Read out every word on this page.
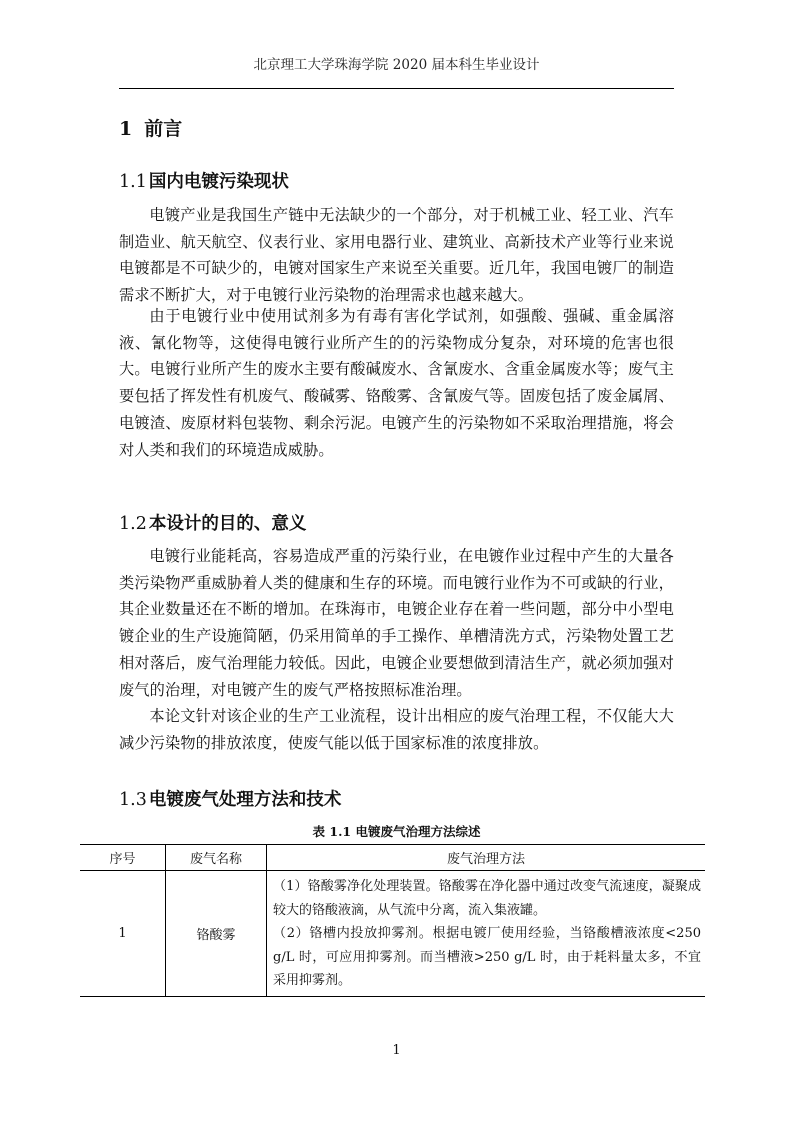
北京理工大学珠海学院 2020 届本科生毕业设计
1 前言
1.1 国内电镀污染现状

电镀产业是我国生产链中无法缺少的一个部分，对于机械工业、轻工业、汽车制造业、航天航空、仪表行业、家用电器行业、建筑业、高新技术产业等行业来说电镀都是不可缺少的，电镀对国家生产来说至关重要。近几年，我国电镀厂的制造需求不断扩大，对于电镀行业污染物的治理需求也越来越大。

由于电镀行业中使用试剂多为有毒有害化学试剂，如强酸、强碱、重金属溶液、氰化物等，这使得电镀行业所产生的的污染物成分复杂，对环境的危害也很大。电镀行业所产生的废水主要有酸碱废水、含氰废水、含重金属废水等；废气主要包括了挥发性有机废气、酸碱雾、铬酸雾、含氰废气等。固废包括了废金属屑、电镀渣、废原材料包装物、剩余污泥。电镀产生的污染物如不采取治理措施，将会对人类和我们的环境造成威胁。

1.2 本设计的目的、意义

电镀行业能耗高，容易造成严重的污染行业，在电镀作业过程中产生的大量各类污染物严重威胁着人类的健康和生存的环境。而电镀行业作为不可或缺的行业，其企业数量还在不断的增加。在珠海市，电镀企业存在着一些问题，部分中小型电镀企业的生产设施简陋，仍采用简单的手工操作、单槽清洗方式，污染物处置工艺相对落后，废气治理能力较低。因此，电镀企业要想做到清洁生产，就必须加强对废气的治理，对电镀产生的废气严格按照标准治理。

本论文针对该企业的生产工业流程，设计出相应的废气治理工程，不仅能大大减少污染物的排放浓度，使废气能以低于国家标准的浓度排放。

1.3 电镀废气处理方法和技术
表 1.1 电镀废气治理方法综述
序号	废气名称	废气治理方法
1	铬酸雾	（1）铬酸雾净化处理装置。铬酸雾在净化器中通过改变气流速度，凝聚成较大的铬酸液滴，从气流中分离，流入集液罐。

（2）铬槽内投放抑雾剂。根据电镀厂使用经验，当铬酸槽液浓度<250 g/L 时，可应用抑雾剂。而当槽液>250 g/L 时，由于耗料量太多，不宜采用抑雾剂。

1
